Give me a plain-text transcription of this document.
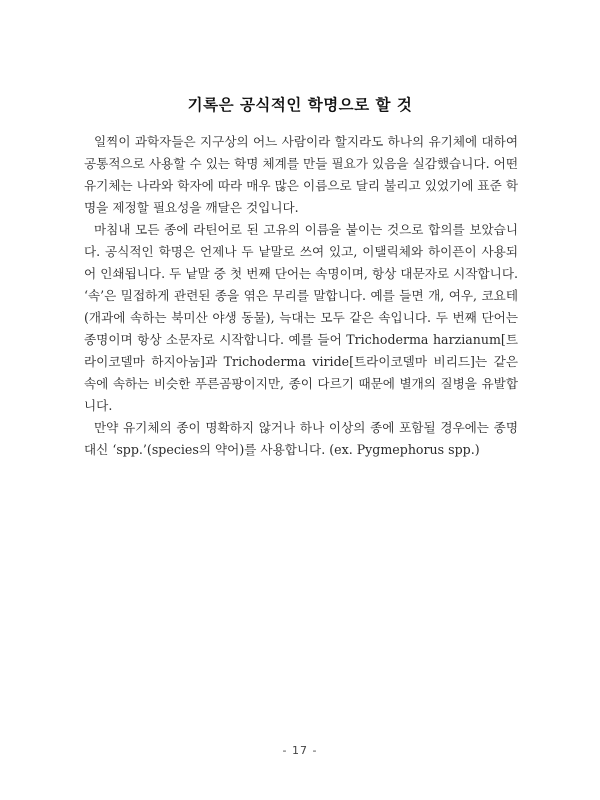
기록은 공식적인 학명으로 할 것

일찍이 과학자들은 지구상의 어느 사람이라 할지라도 하나의 유기체에 대하여 공통적으로 사용할 수 있는 학명 체계를 만들 필요가 있음을 실감했습니다. 어떤 유기체는 나라와 학자에 따라 매우 많은 이름으로 달리 불리고 있었기에 표준 학명을 제정할 필요성을 깨달은 것입니다.

마침내 모든 종에 라틴어로 된 고유의 이름을 붙이는 것으로 합의를 보았습니다. 공식적인 학명은 언제나 두 낱말로 쓰여 있고, 이탤릭체와 하이픈이 사용되어 인쇄됩니다. 두 낱말 중 첫 번째 단어는 속명이며, 항상 대문자로 시작합니다. ‘속’은 밀접하게 관련된 종을 엮은 무리를 말합니다. 예를 들면 개, 여우, 코요테(개과에 속하는 북미산 야생 동물), 늑대는 모두 같은 속입니다. 두 번째 단어는 종명이며 항상 소문자로 시작합니다. 예를 들어 Trichoderma harzianum[트라이코델마 하지아눔]과 Trichoderma viride[트라이코델마 비리드]는 같은 속에 속하는 비슷한 푸른곰팡이지만, 종이 다르기 때문에 별개의 질병을 유발합니다.

만약 유기체의 종이 명확하지 않거나 하나 이상의 종에 포함될 경우에는 종명 대신 ‘spp.’(species의 약어)를 사용합니다. (ex. Pygmephorus spp.)

- 17 -
